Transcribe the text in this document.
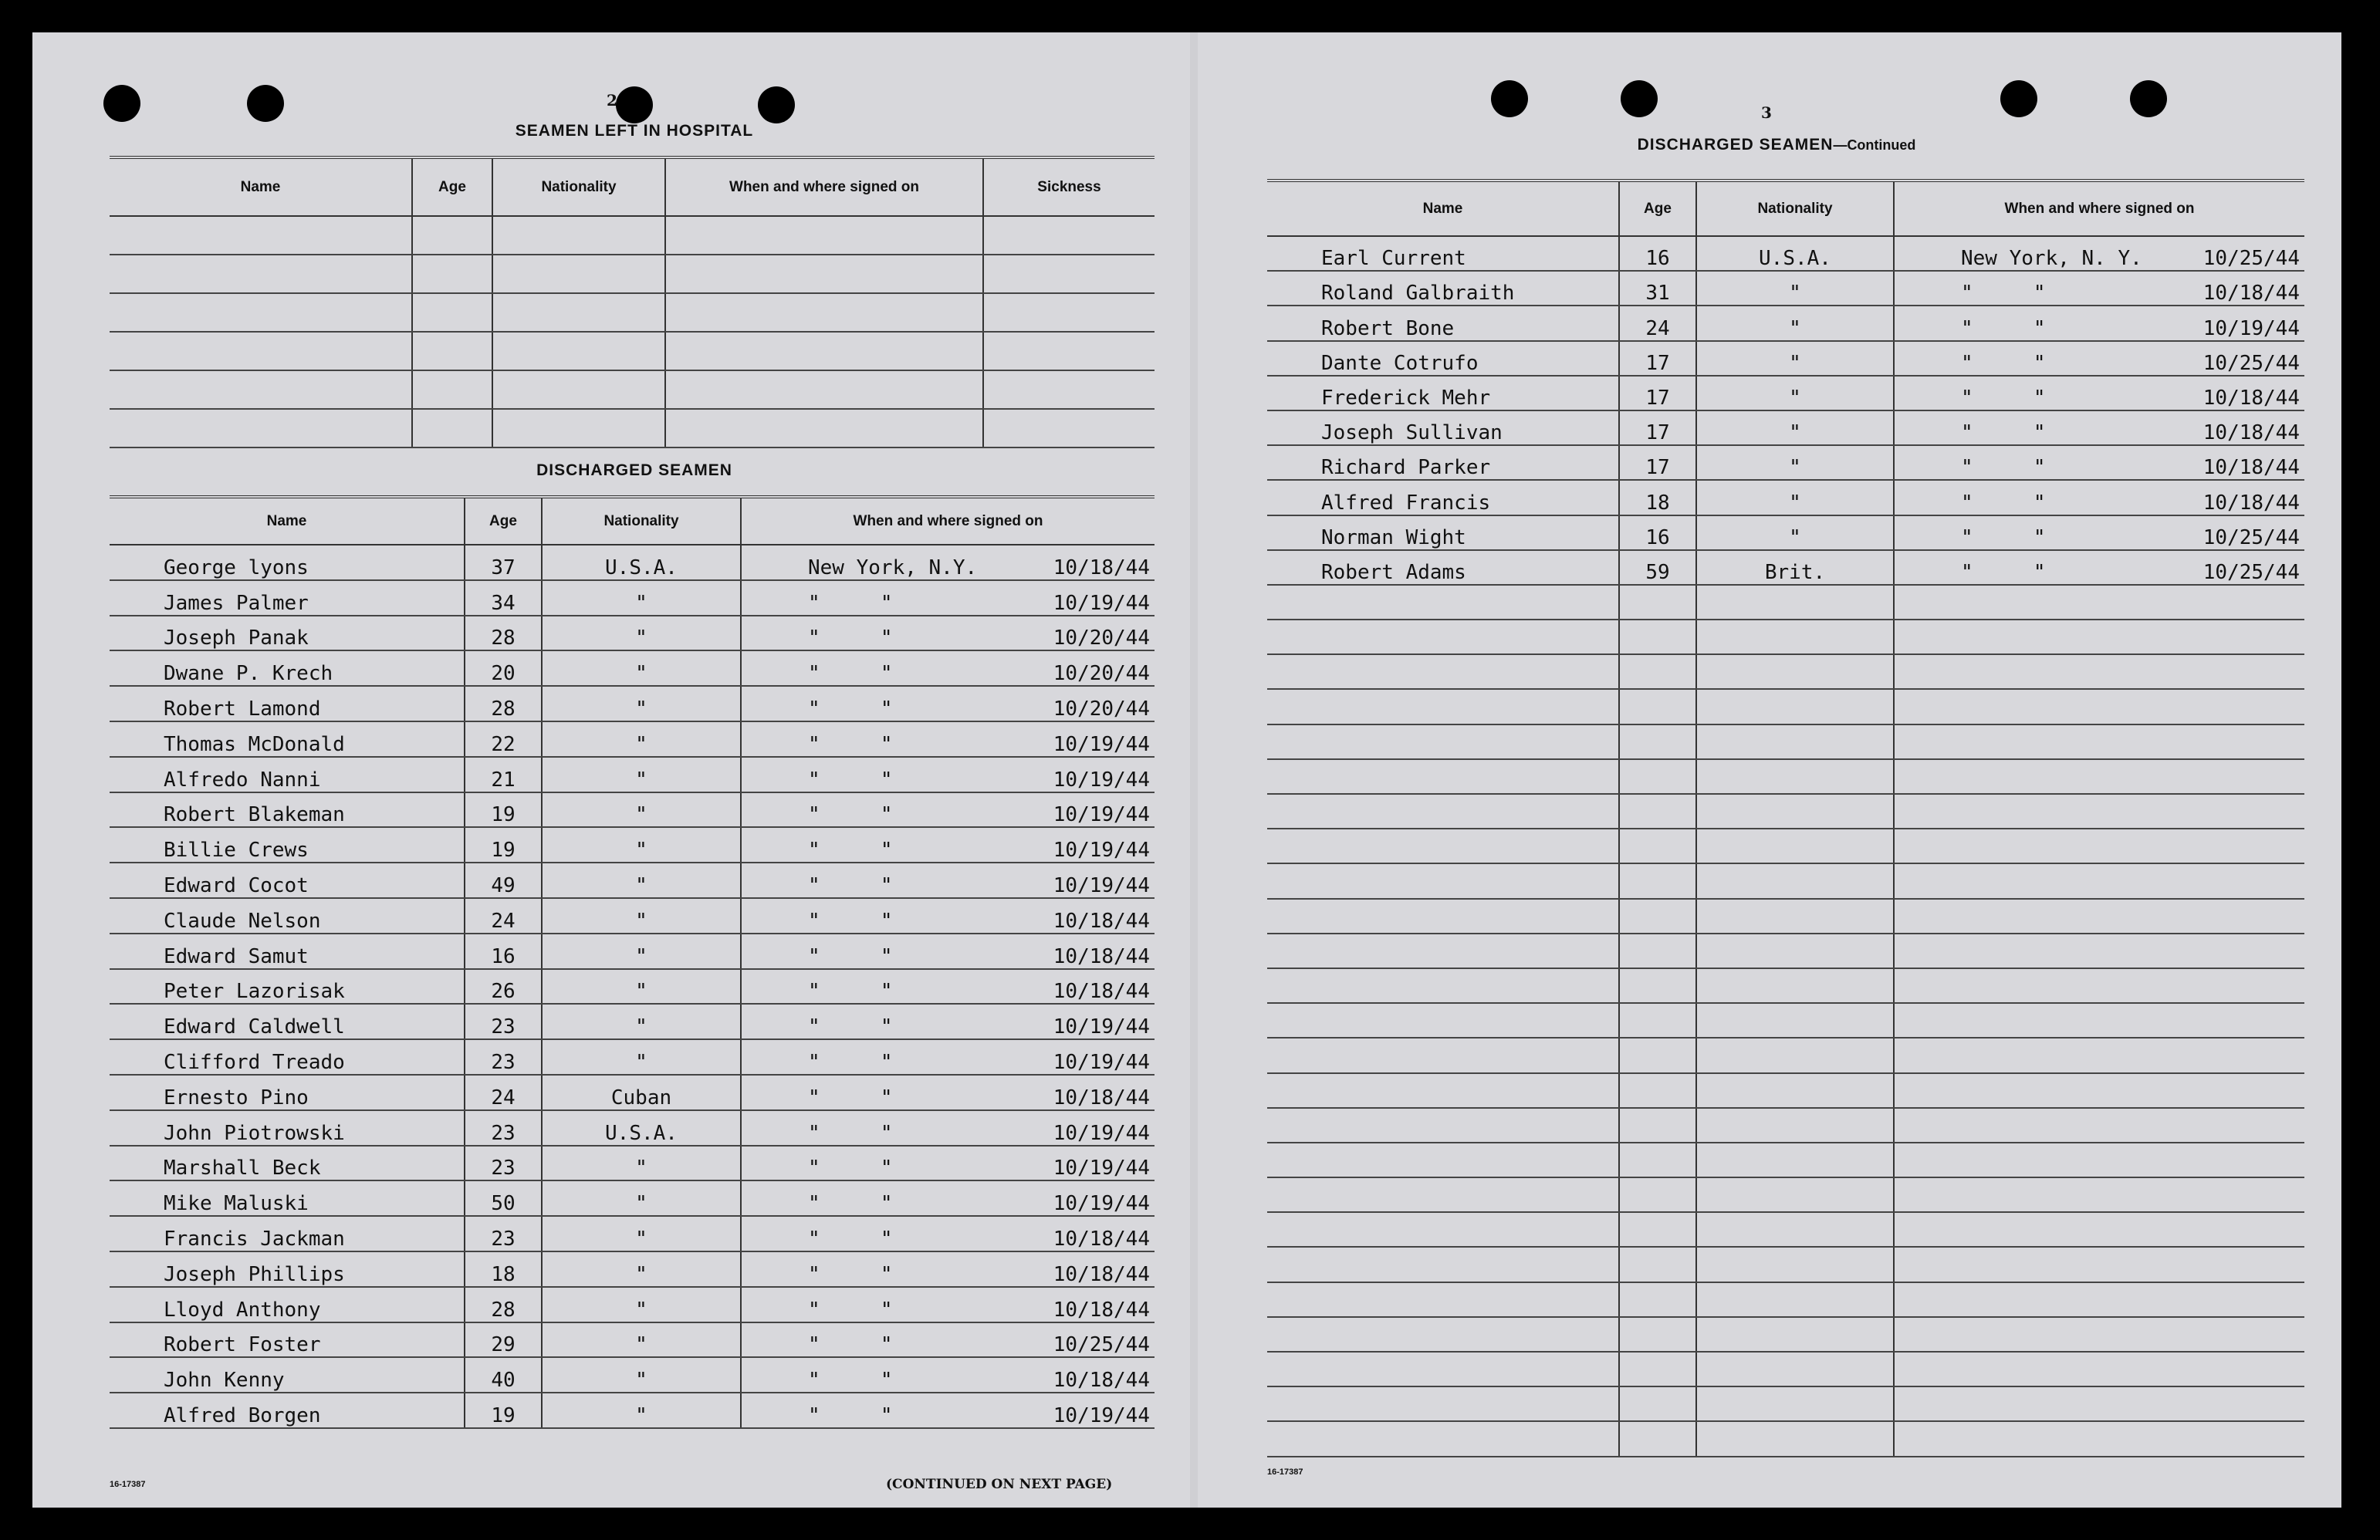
2
SEAMEN LEFT IN HOSPITAL
Name	Age	Nationality	When and where signed on	Sickness

DISCHARGED SEAMEN
Name	Age	Nationality	When and where signed on
George lyons	37	U.S.A.	New York, N.Y. 10/18/44

James Palmer	34	"	"     " 10/19/44

Joseph Panak	28	"	"     " 10/20/44

Dwane P. Krech	20	"	"     " 10/20/44

Robert Lamond	28	"	"     " 10/20/44

Thomas McDonald	22	"	"     " 10/19/44

Alfredo Nanni	21	"	"     " 10/19/44

Robert Blakeman	19	"	"     " 10/19/44

Billie Crews	19	"	"     " 10/19/44

Edward Cocot	49	"	"     " 10/19/44

Claude Nelson	24	"	"     " 10/18/44

Edward Samut	16	"	"     " 10/18/44

Peter Lazorisak	26	"	"     " 10/18/44

Edward Caldwell	23	"	"     " 10/19/44

Clifford Treado	23	"	"     " 10/19/44

Ernesto Pino	24	Cuban	"     " 10/18/44

John Piotrowski	23	U.S.A.	"     " 10/19/44

Marshall Beck	23	"	"     " 10/19/44

Mike Maluski	50	"	"     " 10/19/44

Francis Jackman	23	"	"     " 10/18/44

Joseph Phillips	18	"	"     " 10/18/44

Lloyd Anthony	28	"	"     " 10/18/44

Robert Foster	29	"	"     " 10/25/44

John Kenny	40	"	"     " 10/18/44

Alfred Borgen	19	"	"     " 10/19/44
16-17387	(CONTINUED ON NEXT PAGE)
3
DISCHARGED SEAMEN—Continued
Name	Age	Nationality	When and where signed on
Earl Current	16	U.S.A.	New York, N. Y. 10/25/44

Roland Galbraith	31	"	"     " 10/18/44

Robert Bone	24	"	"     " 10/19/44

Dante Cotrufo	17	"	"     " 10/25/44

Frederick Mehr	17	"	"     " 10/18/44

Joseph Sullivan	17	"	"     " 10/18/44

Richard Parker	17	"	"     " 10/18/44

Alfred Francis	18	"	"     " 10/18/44

Norman Wight	16	"	"     " 10/25/44

Robert Adams	59	Brit.	"     " 10/25/44

16-17387
